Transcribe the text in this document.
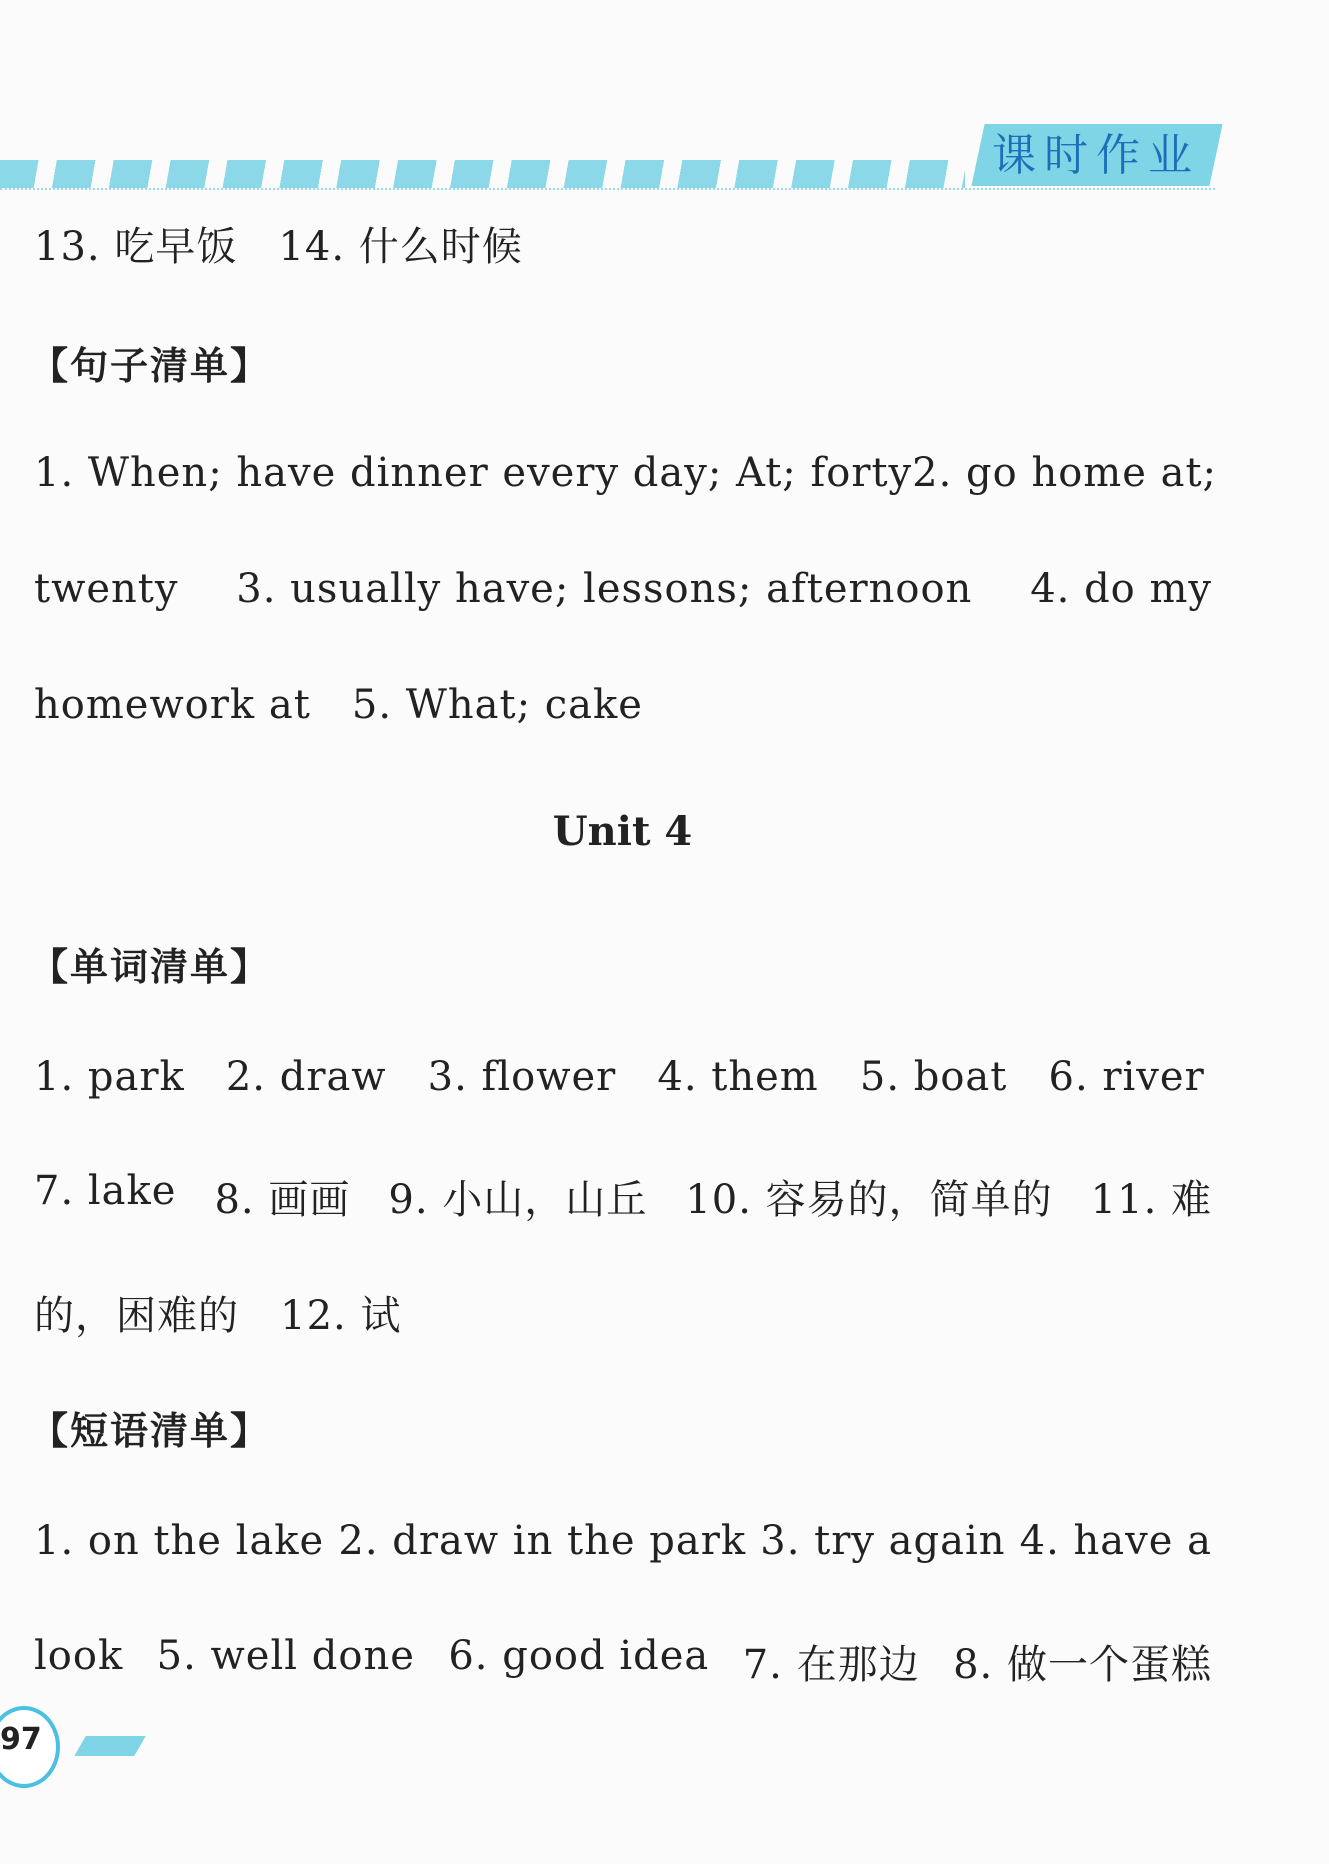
课时作业
13. 吃早饭   14. 什么时候
【句子清单】
1. When; have dinner every day; At; forty 2. go home at;
twenty 3. usually have; lessons; afternoon 4. do my
homework at   5. What; cake
Unit 4
【单词清单】
1. park   2. draw   3. flower   4. them   5. boat   6. river
7. lake 8. 画画 9. 小山，山丘 10. 容易的，简单的 11. 难
的，困难的   12. 试
【短语清单】
1. on the lake 2. draw in the park 3. try again 4. have a
look 5. well done 6. good idea 7. 在那边 8. 做一个蛋糕
97
